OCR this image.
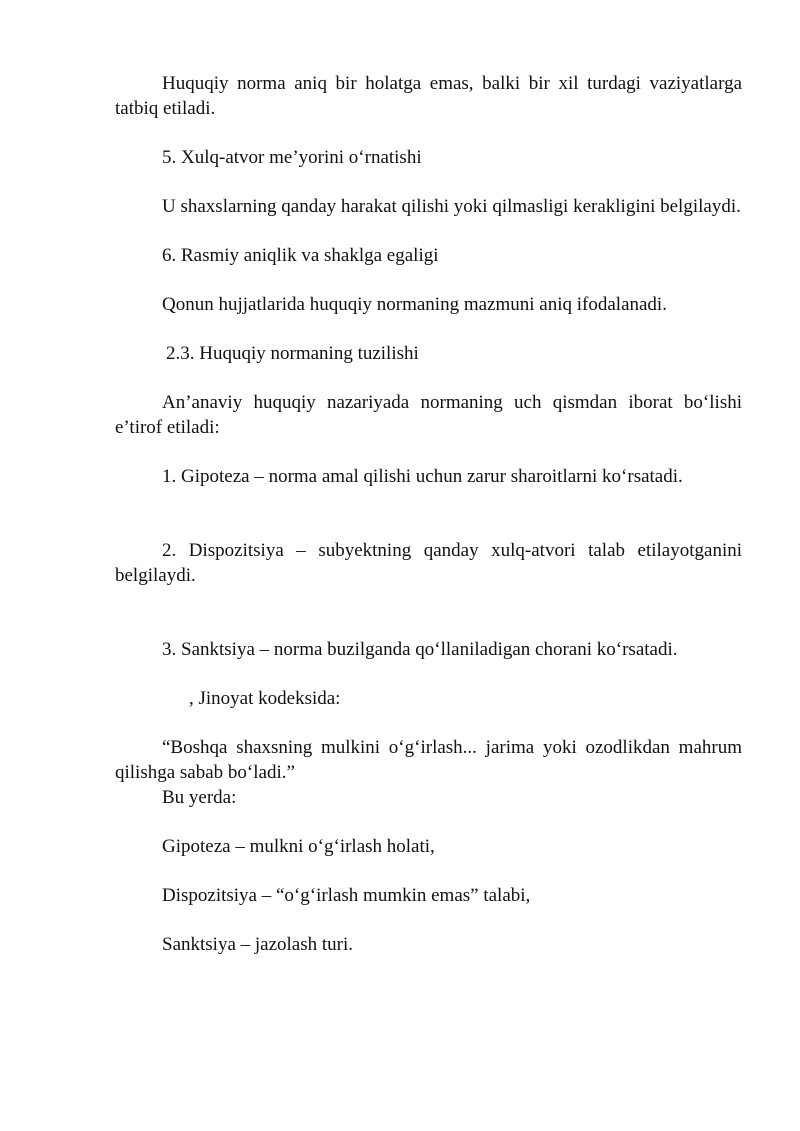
Huquqiy norma aniq bir holatga emas, balki bir xil turdagi vaziyatlarga tatbiq etiladi.

5. Xulq-atvor me’yorini o‘rnatishi

U shaxslarning qanday harakat qilishi yoki qilmasligi kerakligini belgilaydi.

6. Rasmiy aniqlik va shaklga egaligi

Qonun hujjatlarida huquqiy normaning mazmuni aniq ifodalanadi.

2.3. Huquqiy normaning tuzilishi

An’anaviy huquqiy nazariyada normaning uch qismdan iborat bo‘lishi e’tirof etiladi:

1. Gipoteza – norma amal qilishi uchun zarur sharoitlarni ko‘rsatadi.

2. Dispozitsiya – subyektning qanday xulq-atvori talab etilayotganini belgilaydi.

3. Sanktsiya – norma buzilganda qo‘llaniladigan chorani ko‘rsatadi.

, Jinoyat kodeksida:

“Boshqa shaxsning mulkini o‘g‘irlash... jarima yoki ozodlikdan mahrum qilishga sabab bo‘ladi.”

Bu yerda:

Gipoteza – mulkni o‘g‘irlash holati,

Dispozitsiya – “o‘g‘irlash mumkin emas” talabi,

Sanktsiya – jazolash turi.
